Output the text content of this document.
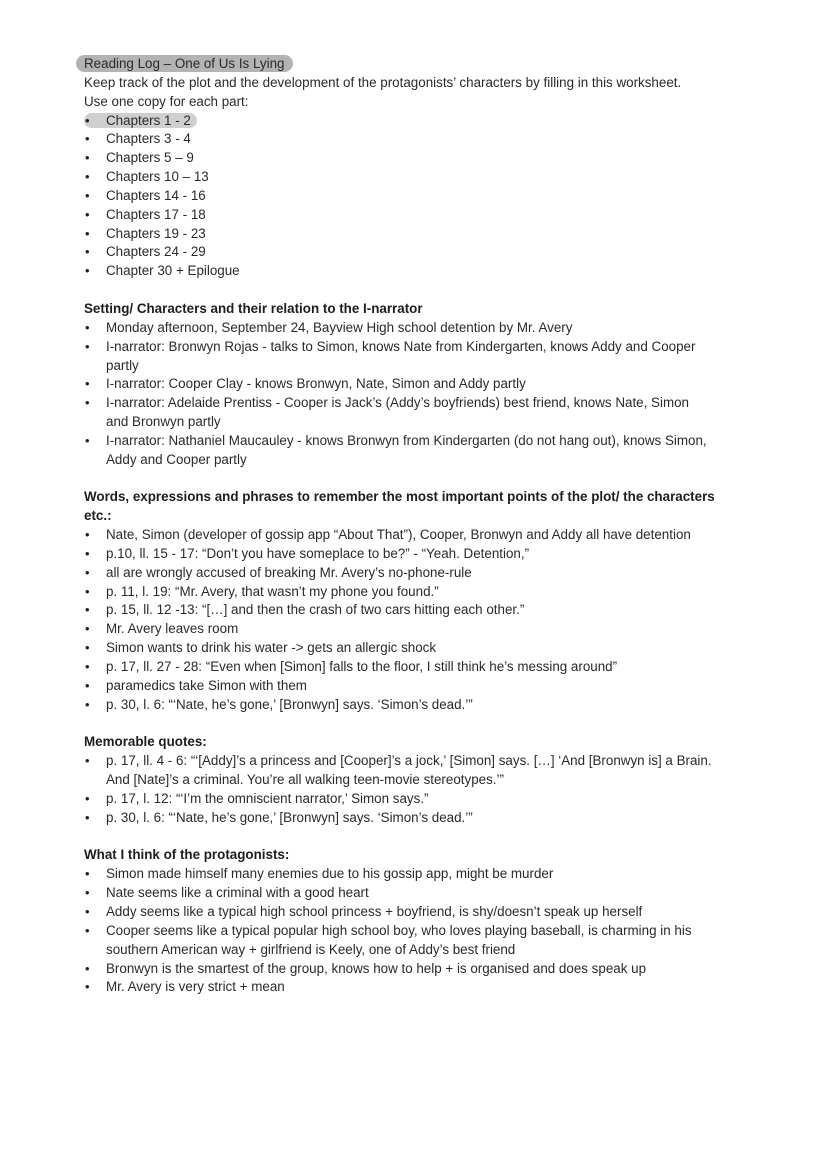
Reading Log – One of Us Is Lying
Keep track of the plot and the development of the protagonists’ characters by filling in this worksheet.
Use one copy for each part:
• Chapters 1 - 2
• Chapters 3 - 4
• Chapters 5 – 9
• Chapters 10 – 13
• Chapters 14 - 16
• Chapters 17 - 18
• Chapters 19 - 23
• Chapters 24 - 29
• Chapter 30 + Epilogue
Setting/ Characters and their relation to the I-narrator
• Monday afternoon, September 24, Bayview High school detention by Mr. Avery
• I-narrator: Bronwyn Rojas - talks to Simon, knows Nate from Kindergarten, knows Addy and Cooper
partly
• I-narrator: Cooper Clay - knows Bronwyn, Nate, Simon and Addy partly
• I-narrator: Adelaide Prentiss - Cooper is Jack’s (Addy’s boyfriends) best friend, knows Nate, Simon
and Bronwyn partly
• I-narrator: Nathaniel Maucauley - knows Bronwyn from Kindergarten (do not hang out), knows Simon,
Addy and Cooper partly
Words, expressions and phrases to remember the most important points of the plot/ the characters etc.:
• Nate, Simon (developer of gossip app “About That”), Cooper, Bronwyn and Addy all have detention
• p.10, ll. 15 - 17: “Don’t you have someplace to be?” - “Yeah. Detention,”
• all are wrongly accused of breaking Mr. Avery’s no-phone-rule
• p. 11, l. 19: “Mr. Avery, that wasn’t my phone you found.”
• p. 15, ll. 12 -13: “[…] and then the crash of two cars hitting each other.”
• Mr. Avery leaves room
• Simon wants to drink his water -> gets an allergic shock
• p. 17, ll. 27 - 28: “Even when [Simon] falls to the floor, I still think he’s messing around”
• paramedics take Simon with them
• p. 30, l. 6: “‘Nate, he’s gone,’ [Bronwyn] says. ‘Simon’s dead.’”
Memorable quotes:
• p. 17, ll. 4 - 6: “‘[Addy]’s a princess and [Cooper]’s a jock,’ [Simon] says. […] ‘And [Bronwyn is] a Brain.
And [Nate]’s a criminal. You’re all walking teen-movie stereotypes.’”
• p. 17, l. 12: “‘I’m the omniscient narrator,’ Simon says.”
• p. 30, l. 6: “‘Nate, he’s gone,’ [Bronwyn] says. ‘Simon’s dead.’”
What I think of the protagonists:
• Simon made himself many enemies due to his gossip app, might be murder
• Nate seems like a criminal with a good heart
• Addy seems like a typical high school princess + boyfriend, is shy/doesn’t speak up herself
• Cooper seems like a typical popular high school boy, who loves playing baseball, is charming in his
southern American way + girlfriend is Keely, one of Addy’s best friend
• Bronwyn is the smartest of the group, knows how to help + is organised and does speak up
• Mr. Avery is very strict + mean
